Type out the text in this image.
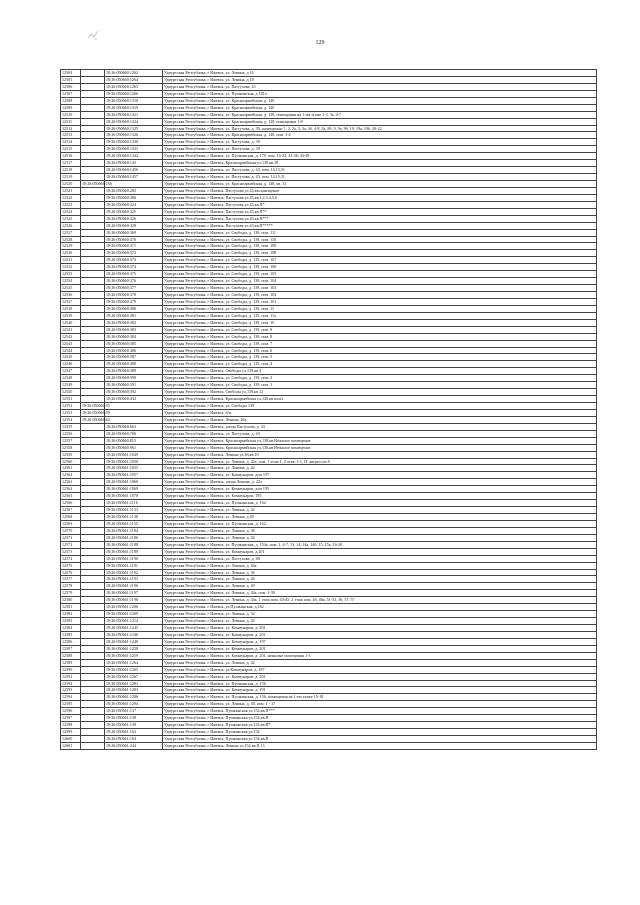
129
12504		18:26:050660:1262	Удмуртская Республика, г Ижевск, ул. Ленина, д 16
12505		18:26:050660:1264	Удмуртская Республика, г Ижевск, ул. Ленина, д 18
12506		18:26:050660:1265	Удмуртская Республика, г Ижевск, ул. Пастухова, 43
12507		18:26:050660:1266	Удмуртская Республика, г Ижевск, ул. Пушкинская, д 181а
12508		18:26:050660:1318	Удмуртская Республика, г Ижевск, ул. Красноармейская, д. 140
12509		18:26:050660:1319	Удмуртская Республика, г Ижевск, ул. Красноармейская, д. 140
12510		18:26:050660:1321	Удмуртская Республика, г Ижевск, ул. Красноармейская, д. 138, помещения на 1-ом этаже 1-3, 3а, 4-7
12511		18:26:050660:1324	Удмуртская Республика, г Ижевск, ул. Красноармейская, д. 138, помещения 1-8
12512		18:26:050660:1325	Удмуртская Республика, г Ижевск, ул. Пастухова, д. 39, помещения: 1, 2, 2а, 3, 3а, 3б, 4-8, 8а, 8б, 9, 9а, 9б, 19, 19а, 19б, 20-22
12513		18:26:050660:1326	Удмуртская Республика, г Ижевск, ул. Красноармейская, д. 140, пом. 1-4
12514		18:26:050660:1330	Удмуртская Республика, г Ижевск, ул. Пастухова, д. 39
12515		18:26:050660:1331	Удмуртская Республика, г Ижевск, ул. Пастухова, д. 39
12516		18:26:050660:1342	Удмуртская Республика, г Ижевск, ул. Пушкинская, д. 179, пом. 16-23, 33-36, 43-49
12517		18:26:050660:145	Удмуртская Республика, г Ижевск, Красноармейская ул,138,кв.38
12518		18:26:050660:1456	Удмуртская Республика, г Ижевск, ул. Пастухова, д. 43, пом. 14,15,31
12519		18:26:050660:1457	Удмуртская Республика, г Ижевск, ул. Пастухова, д. 43, пом. 14,15,31
12520	18:26:050660:166		Удмуртская Республика, г Ижевск, ул. Красноармейская, д. 138, кв. 31
12521		18:26:050660:285	Удмуртская Республика, г Ижевск, Пастухова ул,43,кв.помещение
12522		18:26:050660:286	Удмуртская Республика, г Ижевск, Пастухова ул,43,кв.1,2,3,4,5,6
12523		18:26:050660:324	Удмуртская Республика, г Ижевск, Пастухова ул,43,кв.П*
12524		18:26:050660:325	Удмуртская Республика, г Ижевск, Пастухова ул,43,кв.П**
12525		18:26:050660:326	Удмуртская Республика, г Ижевск, Пастухова ул,43,кв.П***
12526		18:26:050660:328	Удмуртская Республика, г Ижевск, Пастухова ул,43,кв.П*****
12527		18:26:050660:369	Удмуртская Республика, г Ижевск, ул. Свободы, д. 139, пом. 111
12528		18:26:050660:370	Удмуртская Республика, г Ижевск, ул. Свободы, д. 139, пом. 110
12529		18:26:050660:371	Удмуртская Республика, г Ижевск, ул. Свободы, д. 139, пом. 109
12530		18:26:050660:372	Удмуртская Республика, г Ижевск, ул. Свободы, д. 139, пом. 108
12531		18:26:050660:373	Удмуртская Республика, г Ижевск, ул. Свободы, д. 139, пом. 107
12532		18:26:050660:374	Удмуртская Республика, г Ижевск, ул. Свободы, д. 139, пом. 106
12533		18:26:050660:375	Удмуртская Республика, г Ижевск, ул. Свободы, д. 139, пом. 105
12534		18:26:050660:376	Удмуртская Республика, г Ижевск, ул. Свободы, д. 139, пом. 104
12535		18:26:050660:377	Удмуртская Республика, г Ижевск, ул. Свободы, д. 139, пом. 103
12536		18:26:050660:378	Удмуртская Республика, г Ижевск, ул. Свободы, д. 139, пом. 102
12537		18:26:050660:379	Удмуртская Республика, г Ижевск, ул. Свободы, д. 139, пом. 101
12538		18:26:050660:380	Удмуртская Республика, г Ижевск, ул. Свободы, д. 139, пом. 11
12539		18:26:050660:381	Удмуртская Республика, г Ижевск, ул. Свободы, д. 139, пом. 11а
12540		18:26:050660:382	Удмуртская Республика, г Ижевск, ул. Свободы, д. 139, пом. 10
12541		18:26:050660:383	Удмуртская Республика, г Ижевск, ул. Свободы, д. 139, пом. 9
12542		18:26:050660:384	Удмуртская Республика, г Ижевск, ул. Свободы, д. 139, пом. 8
12543		18:26:050660:385	Удмуртская Республика, г Ижевск, ул. Свободы, д. 139, пом. 7
12544		18:26:050660:386	Удмуртская Республика, г Ижевск, ул. Свободы, д. 139, пом. 6
12545		18:26:050660:387	Удмуртская Республика, г Ижевск, ул. Свободы, д. 139, пом. 5
12546		18:26:050660:388	Удмуртская Республика, г Ижевск, ул. Свободы, д. 139, пом. 4
12547		18:26:050660:389	Удмуртская Республика, г Ижевск, Свободы ул,139,кв.3
12548		18:26:050660:390	Удмуртская Республика, г Ижевск, ул. Свободы, д. 139, пом. 2
12549		18:26:050660:391	Удмуртская Республика, г Ижевск, ул. Свободы, д. 139, пом. 1
12550		18:26:050660:392	Удмуртская Республика, г Ижевск, Свободы ул,139,кв.12
12551		18:26:050660:432	Удмуртская Республика, г Ижевск, Красноармейская ул,140,кв.пом3
12552	18:26:050660:55		Удмуртская Республика, г Ижевск, ул. Свободы 139
12553	18:26:050660:59		Удмуртская Республика, г Ижевск, б/н
12554	18:26:050660:62		Удмуртская Республика, г Ижевск, Ленина, 26а
12555		18:26:050660:663	Удмуртская Республика, г Ижевск, улица Пастухова, д. 43
12556		18:26:050660:706	Удмуртская Республика, г Ижевск, ул. Пастухова, д. 43
12557		18:26:050660:815	Удмуртская Республика, г Ижевск, Красноармейская ул,138,кв.Нежилое помещение
12558		18:26:050660:961	Удмуртская Республика, г Ижевск, Красноармейская ул,138,кв.Нежилое помещение
12559		18:26:050661:1049	Удмуртская Республика, г Ижевск, Ленина ул,36,кв.10
12560		18:26:050661:1050	Удмуртская Республика, г Ижевск, ул. Ленина, д. 42а, пом. 1 этаж 1, 2 этаж 1-3, 1Г антресоль 8
12561		18:26:050661:1055	Удмуртская Республика, г Ижевск, ул. Ленина, д. 42
12562		18:26:050661:1057	Удмуртская Республика, г Ижевск, ул. Коммунаров, дом 197
12563		18:26:050661:1060	Удмуртская Республика, г Ижевск, улица Ленина, д. 42а
12564		18:26:050661:1069	Удмуртская Республика, г Ижевск, ул. Коммунаров, дом 195
12565		18:26:050661:1070	Удмуртская Республика, г Ижевск, ул. Коммунаров, 195
12566		18:26:050661:1116	Удмуртская Республика, г Ижевск, ул. Пушкинская, д. 162
12567		18:26:050661:1133	Удмуртская Республика, г Ижевск, ул. Ленина, д. 42
12568		18:26:050661:1138	Удмуртская Республика, г Ижевск, ул. Ленина, д 40
12569		18:26:050661:1155	Удмуртская Республика, г Ижевск, ул. Пушкинская, д. 162
12570		18:26:050661:1184	Удмуртская Республика, г Ижевск, ул. Ленина, д. 38
12571		18:26:050661:1186	Удмуртская Республика, г Ижевск, ул. Ленина, д. 42
12572		18:26:050661:1188	Удмуртская Республика, г Ижевск, ул. Пушкинская, д. 154а, пом. 1, 4-7, 13, 14, 14а, 14б, 15, 15а, 16-20
12573		18:26:050661:1189	Удмуртская Республика, г Ижевск, ул. Коммунаров, д.201
12574		18:26:050661:1190	Удмуртская Республика, г Ижевск, ул. Пастухова, д. 88
12575		18:26:050661:1191	Удмуртская Республика, г Ижевск, ул. Ленина, д. 44а
12576		18:26:050661:1192	Удмуртская Республика, г Ижевск, ул. Ленина, д. 36
12577		18:26:050661:1193	Удмуртская Республика, г Ижевск, ул. Ленина, д. 40
12578		18:26:050661:1196	Удмуртская Республика, г Ижевск, ул. Ленина, д. 40
12579		18:26:050661:1197	Удмуртская Республика, г Ижевск, ул. Ленина, д. 44а, пом. 1-39
12580		18:26:050661:1198	Удмуртская Республика, г Ижевск, ул. Ленина, д. 44а, 1 этаж пом. 43-45; 2 этаж пом. 46, 46а, 51-53, 56, 57, 57
12581		18:26:050661:1206	Удмуртская Республика, г Ижевск, ул.Пушкинская, д.162
12582		18:26:050661:1209	Удмуртская Республика, г Ижевск, ул. Ленина, д. 34
12583		18:26:050661:1214	Удмуртская Республика, г Ижевск, ул. Ленина, д. 42
12584		18:26:050661:1245	Удмуртская Республика, г Ижевск, ул. Коммунаров, д. 201
12585		18:26:050661:1246	Удмуртская Республика, г Ижевск, ул. Коммунаров, д. 201
12586		18:26:050661:1248	Удмуртская Республика, г Ижевск, ул. Коммунаров, д. 197
12587		18:26:050661:1258	Удмуртская Республика, г Ижевск, ул. Коммунаров, д. 201
12588		18:26:050661:1259	Удмуртская Республика, г Ижевск, ул. Коммунаров, д. 201, нежилые помещения 1-3
12589		18:26:050661:1264	Удмуртская Республика, г Ижевск, ул. Ленина, д. 42
12590		18:26:050661:1265	Удмуртская Республика, г Ижевск, ул.Коммунаров, д. 197
12591		18:26:050661:1267	Удмуртская Республика, г Ижевск, ул. Коммунаров, д. 201
12592		18:26:050661:1281	Удмуртская Республика, г Ижевск, ул. Пушкинская, д. 156
12593		18:26:050661:1283	Удмуртская Республика, г Ижевск, ул. Коммунаров, д. 191
12594		18:26:050661:1286	Удмуртская Республика, г Ижевск, ул. Пушкинская, д. 156, помещения на 1-ом этаже 15-18
12595		18:26:050661:1294	Удмуртская Республика, г Ижевск, ул. Ленина, д. 38, пом. 1 - 37
12596		18:26:050661:137	Удмуртская Республика, г Ижевск, Пушкинская ул,154,кв.П***
12597		18:26:050661:138	Удмуртская Республика, г Ижевск, Пушкинская ул,154,кв.П
12598		18:26:050661:139	Удмуртская Республика, г Ижевск, Пушкинская ул,154,кв.П*
12599		18:26:050661:163	Удмуртская Республика, г Ижевск, Пушкинская ул,154
12600		18:26:050661:164	Удмуртская Республика, г Ижевск, Пушкинская ул,154,кв.П
12601		18:26:050661:244	Удмуртская Республика, г Ижевск, Ленина ул,152,кв.П 13
